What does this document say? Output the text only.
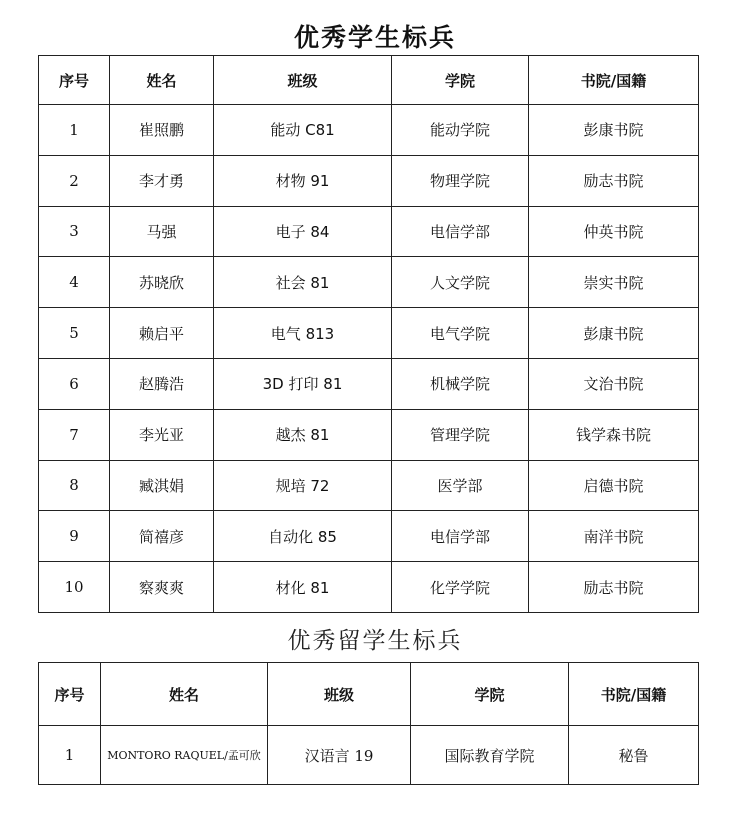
优秀学生标兵
序号	姓名	班级	学院	书院/国籍
1	崔照鹏	能动 C81	能动学院	彭康书院
2	李才勇	材物 91	物理学院	励志书院
3	马强	电子 84	电信学部	仲英书院
4	苏晓欣	社会 81	人文学院	崇实书院
5	赖启平	电气 813	电气学院	彭康书院
6	赵腾浩	3D 打印 81	机械学院	文治书院
7	李光亚	越杰 81	管理学院	钱学森书院
8	臧淇娟	规培 72	医学部	启德书院
9	简禧彦	自动化 85	电信学部	南洋书院
10	察爽爽	材化 81	化学学院	励志书院
优秀留学生标兵
序号	姓名	班级	学院	书院/国籍
1	MONTORO RAQUEL/孟可欣	汉语言 19	国际教育学院	秘鲁
